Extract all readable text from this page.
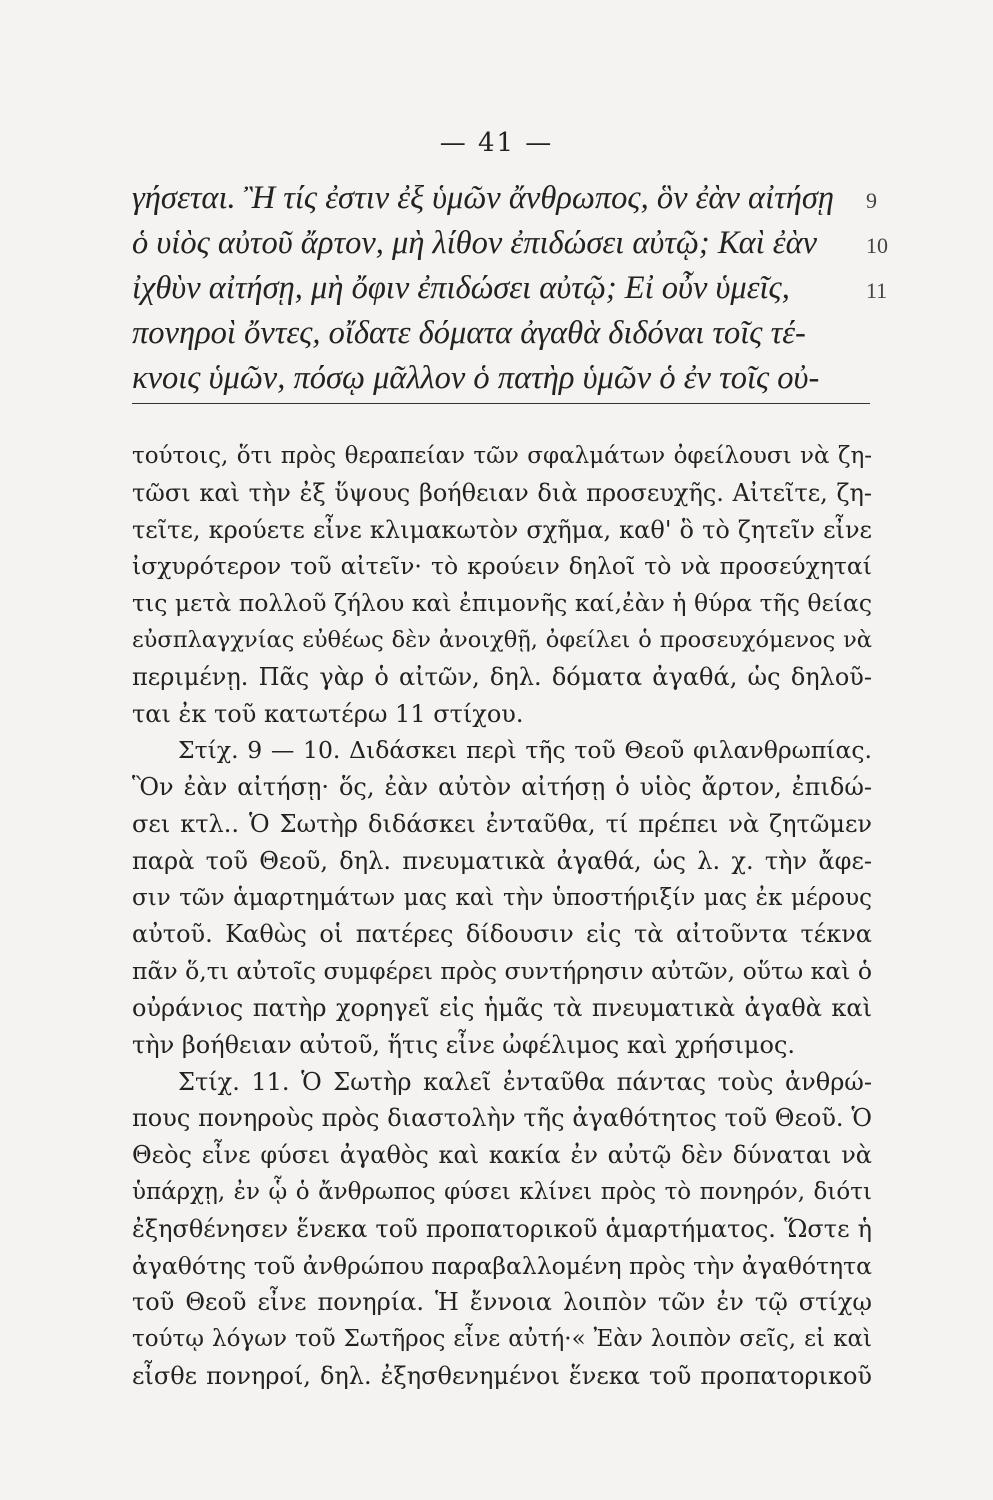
— 41 —
γήσεται. Ἢ τίς ἐστιν ἐξ ὑμῶν ἄνθρωπος, ὃν ἐὰν αἰτήσῃ
ὁ υἱὸς αὐτοῦ ἄρτον, μὴ λίθον ἐπιδώσει αὐτῷ; Καὶ ἐὰν
ἰχθὺν αἰτήσῃ, μὴ ὄφιν ἐπιδώσει αὐτῷ; Εἰ οὖν ὑμεῖς,
πονηροὶ ὄντες, οἴδατε δόματα ἀγαθὰ διδόναι τοῖς τέ-
κνοις ὑμῶν, πόσῳ μᾶλλον ὁ πατὴρ ὑμῶν ὁ ἐν τοῖς οὐ-
9
10
11
τούτοις, ὅτι πρὸς θεραπείαν τῶν σφαλμάτων ὀφείλουσι νὰ ζη-
τῶσι καὶ τὴν ἐξ ὕψους βοήθειαν διὰ προσευχῆς. Αἰτεῖτε, ζη-
τεῖτε, κρούετε εἶνε κλιμακωτὸν σχῆμα, καθ' ὃ τὸ ζητεῖν εἶνε
ἰσχυρότερον τοῦ αἰτεῖν· τὸ κρούειν δηλοῖ τὸ νὰ προσεύχηταί
τις μετὰ πολλοῦ ζήλου καὶ ἐπιμονῆς καί,ἐὰν ἡ θύρα τῆς θείας
εὐσπλαγχνίας εὐθέως δὲν ἀνοιχθῇ, ὀφείλει ὁ προσευχόμενος νὰ
περιμένῃ. Πᾶς γὰρ ὁ αἰτῶν, δηλ. δόματα ἀγαθά, ὡς δηλοῦ-
ται ἐκ τοῦ κατωτέρω 11 στίχου.
Στίχ. 9 — 10. Διδάσκει περὶ τῆς τοῦ Θεοῦ φιλανθρωπίας.
Ὃν ἐὰν αἰτήσῃ· ὅς, ἐὰν αὐτὸν αἰτήσῃ ὁ υἱὸς ἄρτον, ἐπιδώ-
σει κτλ.. Ὁ Σωτὴρ διδάσκει ἐνταῦθα, τί πρέπει νὰ ζητῶμεν
παρὰ τοῦ Θεοῦ, δηλ. πνευματικὰ ἀγαθά, ὡς λ. χ. τὴν ἄφε-
σιν τῶν ἁμαρτημάτων μας καὶ τὴν ὑποστήριξίν μας ἐκ μέρους
αὐτοῦ. Καθὼς οἱ πατέρες δίδουσιν εἰς τὰ αἰτοῦντα τέκνα
πᾶν ὅ,τι αὐτοῖς συμφέρει πρὸς συντήρησιν αὐτῶν, οὕτω καὶ ὁ
οὐράνιος πατὴρ χορηγεῖ εἰς ἡμᾶς τὰ πνευματικὰ ἀγαθὰ καὶ
τὴν βοήθειαν αὐτοῦ, ἥτις εἶνε ὠφέλιμος καὶ χρήσιμος.
Στίχ. 11. Ὁ Σωτὴρ καλεῖ ἐνταῦθα πάντας τοὺς ἀνθρώ-
πους πονηροὺς πρὸς διαστολὴν τῆς ἀγαθότητος τοῦ Θεοῦ. Ὁ
Θεὸς εἶνε φύσει ἀγαθὸς καὶ κακία ἐν αὐτῷ δὲν δύναται νὰ
ὑπάρχῃ, ἐν ᾧ ὁ ἄνθρωπος φύσει κλίνει πρὸς τὸ πονηρόν, διότι
ἐξησθένησεν ἕνεκα τοῦ προπατορικοῦ ἁμαρτήματος. Ὥστε ἡ
ἀγαθότης τοῦ ἀνθρώπου παραβαλλομένη πρὸς τὴν ἀγαθότητα
τοῦ Θεοῦ εἶνε πονηρία. Ἡ ἔννοια λοιπὸν τῶν ἐν τῷ στίχῳ
τούτῳ λόγων τοῦ Σωτῆρος εἶνε αὐτή·« Ἐὰν λοιπὸν σεῖς, εἰ καὶ
εἶσθε πονηροί, δηλ. ἐξησθενημένοι ἕνεκα τοῦ προπατορικοῦ
